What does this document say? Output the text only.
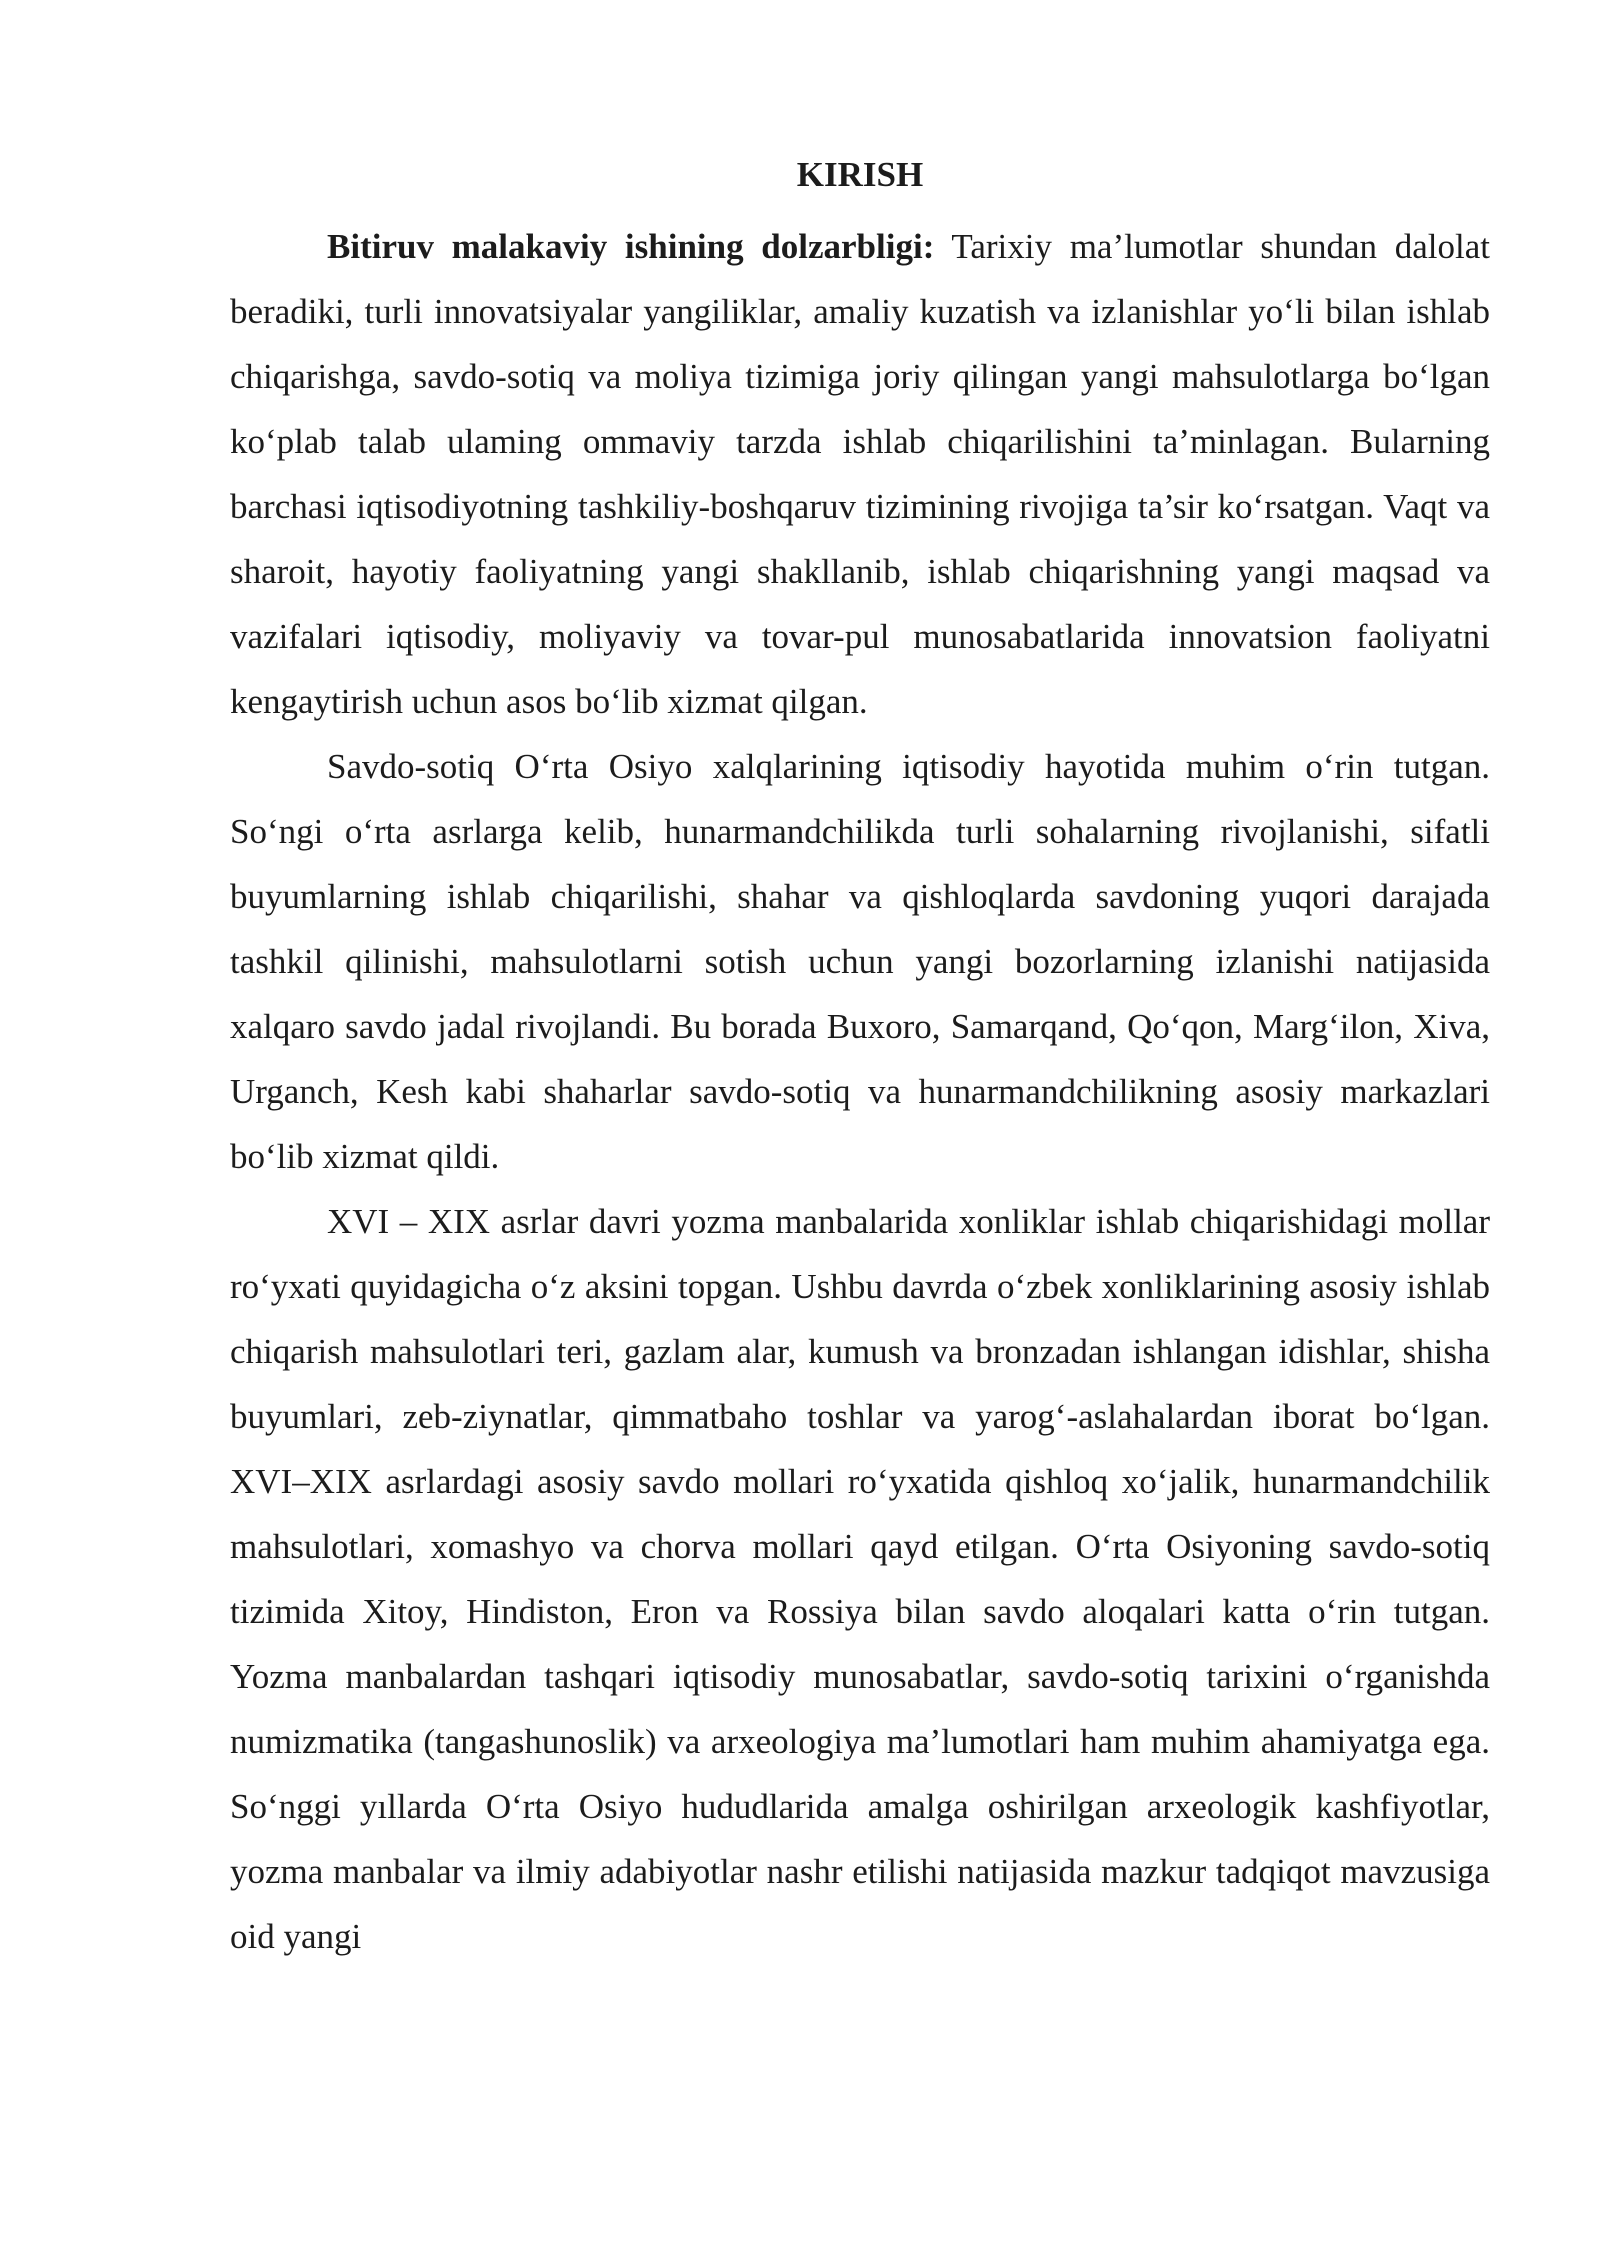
KIRISH

Bitiruv malakaviy ishining dolzarbligi: Tarixiy ma’lumotlar shundan dalolat beradiki, turli innovatsiyalar yangiliklar, amaliy kuzatish va izlanishlar yo‘li bilan ishlab chiqarishga, savdo-sotiq va moliya tizimiga joriy qilingan yangi mahsulotlarga bo‘lgan ko‘plab talab ulaming ommaviy tarzda ishlab chiqarilishini ta’minlagan. Bularning barchasi iqtisodiyotning tashkiliy-boshqaruv tizimining rivojiga ta’sir ko‘rsatgan. Vaqt va sharoit, hayotiy faoliyatning yangi shakllanib, ishlab chiqarishning yangi maqsad va vazifalari iqtisodiy, moliyaviy va tovar-pul munosabatlarida innovatsion faoliyatni kengaytirish uchun asos bo‘lib xizmat qilgan.

Savdo-sotiq O‘rta Osiyo xalqlarining iqtisodiy hayotida muhim o‘rin tutgan. So‘ngi o‘rta asrlarga kelib, hunarmandchilikda turli sohalarning rivojlanishi, sifatli buyumlarning ishlab chiqarilishi, shahar va qishloqlarda savdoning yuqori darajada tashkil qilinishi, mahsulotlarni sotish uchun yangi bozorlarning izlanishi natijasida xalqaro savdo jadal rivojlandi. Bu borada Buxoro, Samarqand, Qo‘qon, Marg‘ilon, Xiva, Urganch, Kesh kabi shaharlar savdo-sotiq va hunarmandchilikning asosiy markazlari bo‘lib xizmat qildi.

XVI – XIX asrlar davri yozma manbalarida xonliklar ishlab chiqarishidagi mollar ro‘yxati quyidagicha o‘z aksini topgan. Ushbu davrda o‘zbek xonliklarining asosiy ishlab chiqarish mahsulotlari teri, gazlam alar, kumush va bronzadan ishlangan idishlar, shisha buyumlari, zeb-ziynatlar, qimmatbaho toshlar va yarog‘-aslahalardan iborat bo‘lgan. XVI–XIX asrlardagi asosiy savdo mollari ro‘yxatida qishloq xo‘jalik, hunarmandchilik mahsulotlari, xomashyo va chorva mollari qayd etilgan. O‘rta Osiyoning savdo-sotiq tizimida Xitoy, Hindiston, Eron va Rossiya bilan savdo aloqalari katta o‘rin tutgan. Yozma manbalardan tashqari iqtisodiy munosabatlar, savdo-sotiq tarixini o‘rganishda numizmatika (tangashunoslik) va arxeologiya ma’lumotlari ham muhim ahamiyatga ega. So‘nggi yıllarda O‘rta Osiyo hududlarida amalga oshirilgan arxeologik kashfiyotlar, yozma manbalar va ilmiy adabiyotlar nashr etilishi natijasida mazkur tadqiqot mavzusiga oid yangi
